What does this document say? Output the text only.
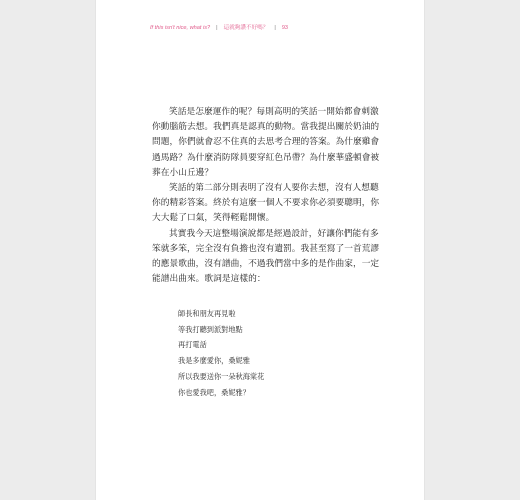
If this isn't nice, what is? | 這就夠讚不好嗎？ | 93

笑話是怎麼運作的呢？每則高明的笑話一開始都會刺激你動腦筋去想。我們真是認真的動物。當我提出關於奶油的問題，你們就會忍不住真的去思考合理的答案。為什麼雞會過馬路？為什麼消防隊員要穿紅色吊帶？為什麼華盛頓會被葬在小山丘邊？

笑話的第二部分則表明了沒有人要你去想，沒有人想聽你的精彩答案。終於有這麼一個人不要求你必須要聰明，你大大鬆了口氣，笑得輕鬆開懷。

其實我今天這整場演說都是經過設計，好讓你們能有多笨就多笨，完全沒有負擔也沒有遺罰。我甚至寫了一首荒謬的應景歌曲，沒有譜曲，不過我們當中多的是作曲家，一定能譜出曲來。歌詞是這樣的：

師長和朋友再見啦
等我打聽到派對地點
再打電話
我是多麼愛你，桑妮雅
所以我要送你一朵秋海棠花
你也愛我吧，桑妮雅？
